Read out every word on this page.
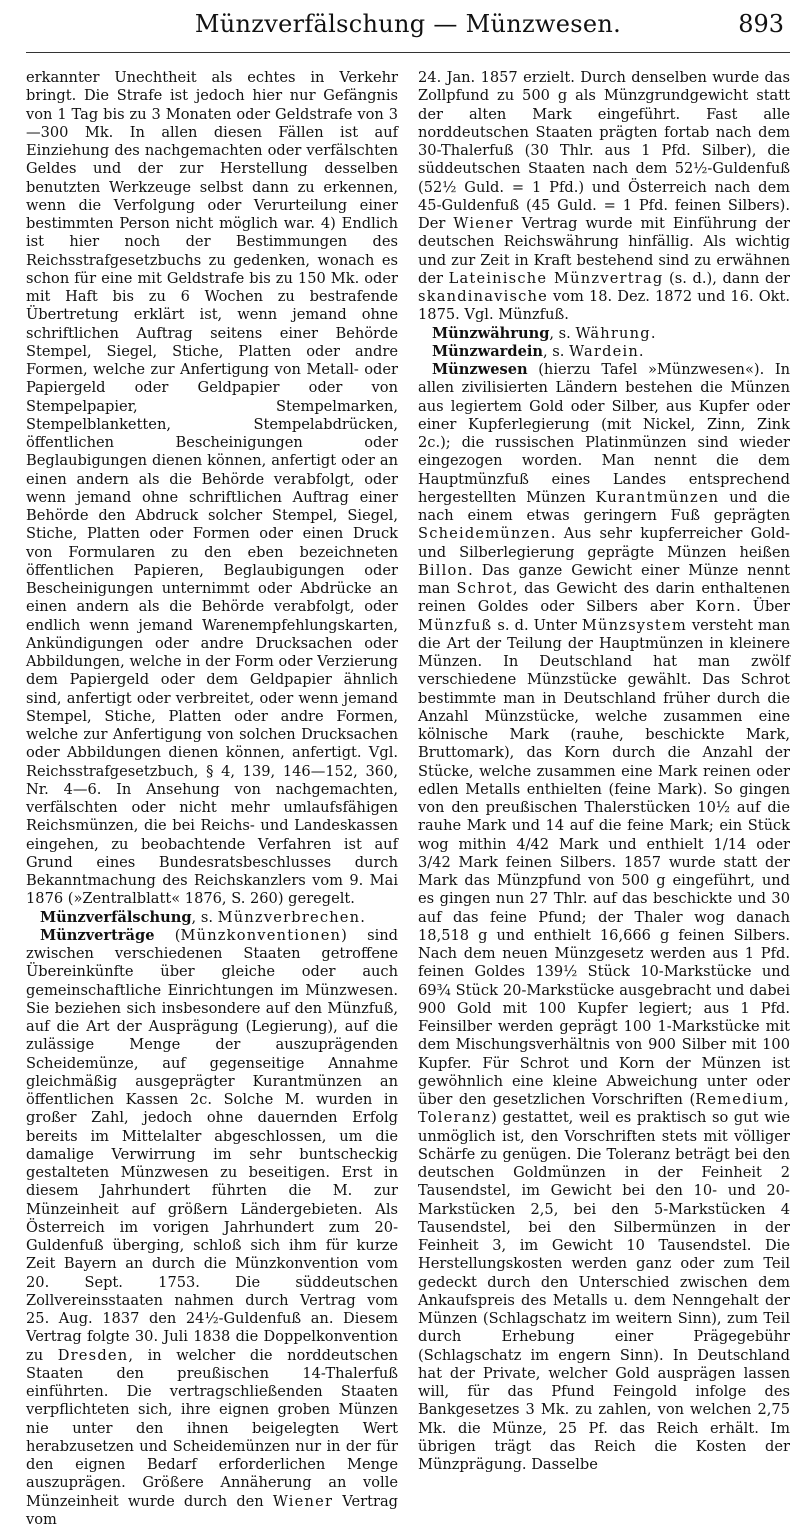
Münzverfälschung — Münzwesen.	893

erkannter Unechtheit als echtes in Verkehr bringt. Die Strafe ist jedoch hier nur Gefängnis von 1 Tag bis zu 3 Monaten oder Geldstrafe von 3—300 Mk. In allen diesen Fällen ist auf Einziehung des nachgemachten oder verfälschten Geldes und der zur Herstellung desselben benutzten Werkzeuge selbst dann zu erkennen, wenn die Verfolgung oder Verurteilung einer bestimmten Person nicht möglich war. 4) Endlich ist hier noch der Bestimmungen des Reichsstrafgesetzbuchs zu gedenken, wonach es schon für eine mit Geldstrafe bis zu 150 Mk. oder mit Haft bis zu 6 Wochen zu bestrafende Übertretung erklärt ist, wenn jemand ohne schriftlichen Auftrag seitens einer Behörde Stempel, Siegel, Stiche, Platten oder andre Formen, welche zur Anfertigung von Metall- oder Papiergeld oder Geldpapier oder von Stempelpapier, Stempelmarken, Stempelblanketten, Stempelabdrücken, öffentlichen Bescheinigungen oder Beglaubigungen dienen können, anfertigt oder an einen andern als die Behörde verabfolgt, oder wenn jemand ohne schriftlichen Auftrag einer Behörde den Abdruck solcher Stempel, Siegel, Stiche, Platten oder Formen oder einen Druck von Formularen zu den eben bezeichneten öffentlichen Papieren, Beglaubigungen oder Bescheinigungen unternimmt oder Abdrücke an einen andern als die Behörde verabfolgt, oder endlich wenn jemand Warenempfehlungskarten, Ankündigungen oder andre Drucksachen oder Abbildungen, welche in der Form oder Verzierung dem Papiergeld oder dem Geldpapier ähnlich sind, anfertigt oder verbreitet, oder wenn jemand Stempel, Stiche, Platten oder andre Formen, welche zur Anfertigung von solchen Drucksachen oder Abbildungen dienen können, anfertigt. Vgl. Reichsstrafgesetzbuch, § 4, 139, 146—152, 360, Nr. 4—6. In Ansehung von nachgemachten, verfälschten oder nicht mehr umlaufsfähigen Reichsmünzen, die bei Reichs- und Landeskassen eingehen, zu beobachtende Verfahren ist auf Grund eines Bundesratsbeschlusses durch Bekanntmachung des Reichskanzlers vom 9. Mai 1876 (»Zentralblatt« 1876, S. 260) geregelt.

Münzverfälschung, s. Münzverbrechen.

Münzverträge (Münzkonventionen) sind zwischen verschiedenen Staaten getroffene Übereinkünfte über gleiche oder auch gemeinschaftliche Einrichtungen im Münzwesen. Sie beziehen sich insbesondere auf den Münzfuß, auf die Art der Ausprägung (Legierung), auf die zulässige Menge der auszuprägenden Scheidemünze, auf gegenseitige Annahme gleichmäßig ausgeprägter Kurantmünzen an öffentlichen Kassen 2c. Solche M. wurden in großer Zahl, jedoch ohne dauernden Erfolg bereits im Mittelalter abgeschlossen, um die damalige Verwirrung im sehr buntscheckig gestalteten Münzwesen zu beseitigen. Erst in diesem Jahrhundert führten die M. zur Münzeinheit auf größern Ländergebieten. Als Österreich im vorigen Jahrhundert zum 20-Guldenfuß überging, schloß sich ihm für kurze Zeit Bayern an durch die Münzkonvention vom 20. Sept. 1753. Die süddeutschen Zollvereinsstaaten nahmen durch Vertrag vom 25. Aug. 1837 den 24½-Guldenfuß an. Diesem Vertrag folgte 30. Juli 1838 die Doppelkonvention zu Dresden, in welcher die norddeutschen Staaten den preußischen 14-Thalerfuß einführten. Die vertragschließenden Staaten verpflichteten sich, ihre eignen groben Münzen nie unter den ihnen beigelegten Wert herabzusetzen und Scheidemünzen nur in der für den eignen Bedarf erforderlichen Menge auszuprägen. Größere Annäherung an volle Münzeinheit wurde durch den Wiener Vertrag vom

24. Jan. 1857 erzielt. Durch denselben wurde das Zollpfund zu 500 g als Münzgrundgewicht statt der alten Mark eingeführt. Fast alle norddeutschen Staaten prägten fortab nach dem 30-Thalerfuß (30 Thlr. aus 1 Pfd. Silber), die süddeutschen Staaten nach dem 52½-Guldenfuß (52½ Guld. = 1 Pfd.) und Österreich nach dem 45-Guldenfuß (45 Guld. = 1 Pfd. feinen Silbers). Der Wiener Vertrag wurde mit Einführung der deutschen Reichswährung hinfällig. Als wichtig und zur Zeit in Kraft bestehend sind zu erwähnen der Lateinische Münzvertrag (s. d.), dann der skandinavische vom 18. Dez. 1872 und 16. Okt. 1875. Vgl. Münzfuß.

Münzwährung, s. Währung.

Münzwardein, s. Wardein.

Münzwesen (hierzu Tafel »Münzwesen«). In allen zivilisierten Ländern bestehen die Münzen aus legiertem Gold oder Silber, aus Kupfer oder einer Kupferlegierung (mit Nickel, Zinn, Zink 2c.); die russischen Platinmünzen sind wieder eingezogen worden. Man nennt die dem Hauptmünzfuß eines Landes entsprechend hergestellten Münzen Kurantmünzen und die nach einem etwas geringern Fuß geprägten Scheidemünzen. Aus sehr kupferreicher Gold- und Silberlegierung geprägte Münzen heißen Billon. Das ganze Gewicht einer Münze nennt man Schrot, das Gewicht des darin enthaltenen reinen Goldes oder Silbers aber Korn. Über Münzfuß s. d. Unter Münzsystem versteht man die Art der Teilung der Hauptmünzen in kleinere Münzen. In Deutschland hat man zwölf verschiedene Münzstücke gewählt. Das Schrot bestimmte man in Deutschland früher durch die Anzahl Münzstücke, welche zusammen eine kölnische Mark (rauhe, beschickte Mark, Bruttomark), das Korn durch die Anzahl der Stücke, welche zusammen eine Mark reinen oder edlen Metalls enthielten (feine Mark). So gingen von den preußischen Thalerstücken 10½ auf die rauhe Mark und 14 auf die feine Mark; ein Stück wog mithin 4/42 Mark und enthielt 1/14 oder 3/42 Mark feinen Silbers. 1857 wurde statt der Mark das Münzpfund von 500 g eingeführt, und es gingen nun 27 Thlr. auf das beschickte und 30 auf das feine Pfund; der Thaler wog danach 18,518 g und enthielt 16,666 g feinen Silbers. Nach dem neuen Münzgesetz werden aus 1 Pfd. feinen Goldes 139½ Stück 10-Markstücke und 69¾ Stück 20-Markstücke ausgebracht und dabei 900 Gold mit 100 Kupfer legiert; aus 1 Pfd. Feinsilber werden geprägt 100 1-Markstücke mit dem Mischungsverhältnis von 900 Silber mit 100 Kupfer. Für Schrot und Korn der Münzen ist gewöhnlich eine kleine Abweichung unter oder über den gesetzlichen Vorschriften (Remedium, Toleranz) gestattet, weil es praktisch so gut wie unmöglich ist, den Vorschriften stets mit völliger Schärfe zu genügen. Die Toleranz beträgt bei den deutschen Goldmünzen in der Feinheit 2 Tausendstel, im Gewicht bei den 10- und 20-Markstücken 2,5, bei den 5-Markstücken 4 Tausendstel, bei den Silbermünzen in der Feinheit 3, im Gewicht 10 Tausendstel. Die Herstellungskosten werden ganz oder zum Teil gedeckt durch den Unterschied zwischen dem Ankaufspreis des Metalls u. dem Nenngehalt der Münzen (Schlagschatz im weitern Sinn), zum Teil durch Erhebung einer Prägegebühr (Schlagschatz im engern Sinn). In Deutschland hat der Private, welcher Gold ausprägen lassen will, für das Pfund Feingold infolge des Bankgesetzes 3 Mk. zu zahlen, von welchen 2,75 Mk. die Münze, 25 Pf. das Reich erhält. Im übrigen trägt das Reich die Kosten der Münzprägung. Dasselbe
